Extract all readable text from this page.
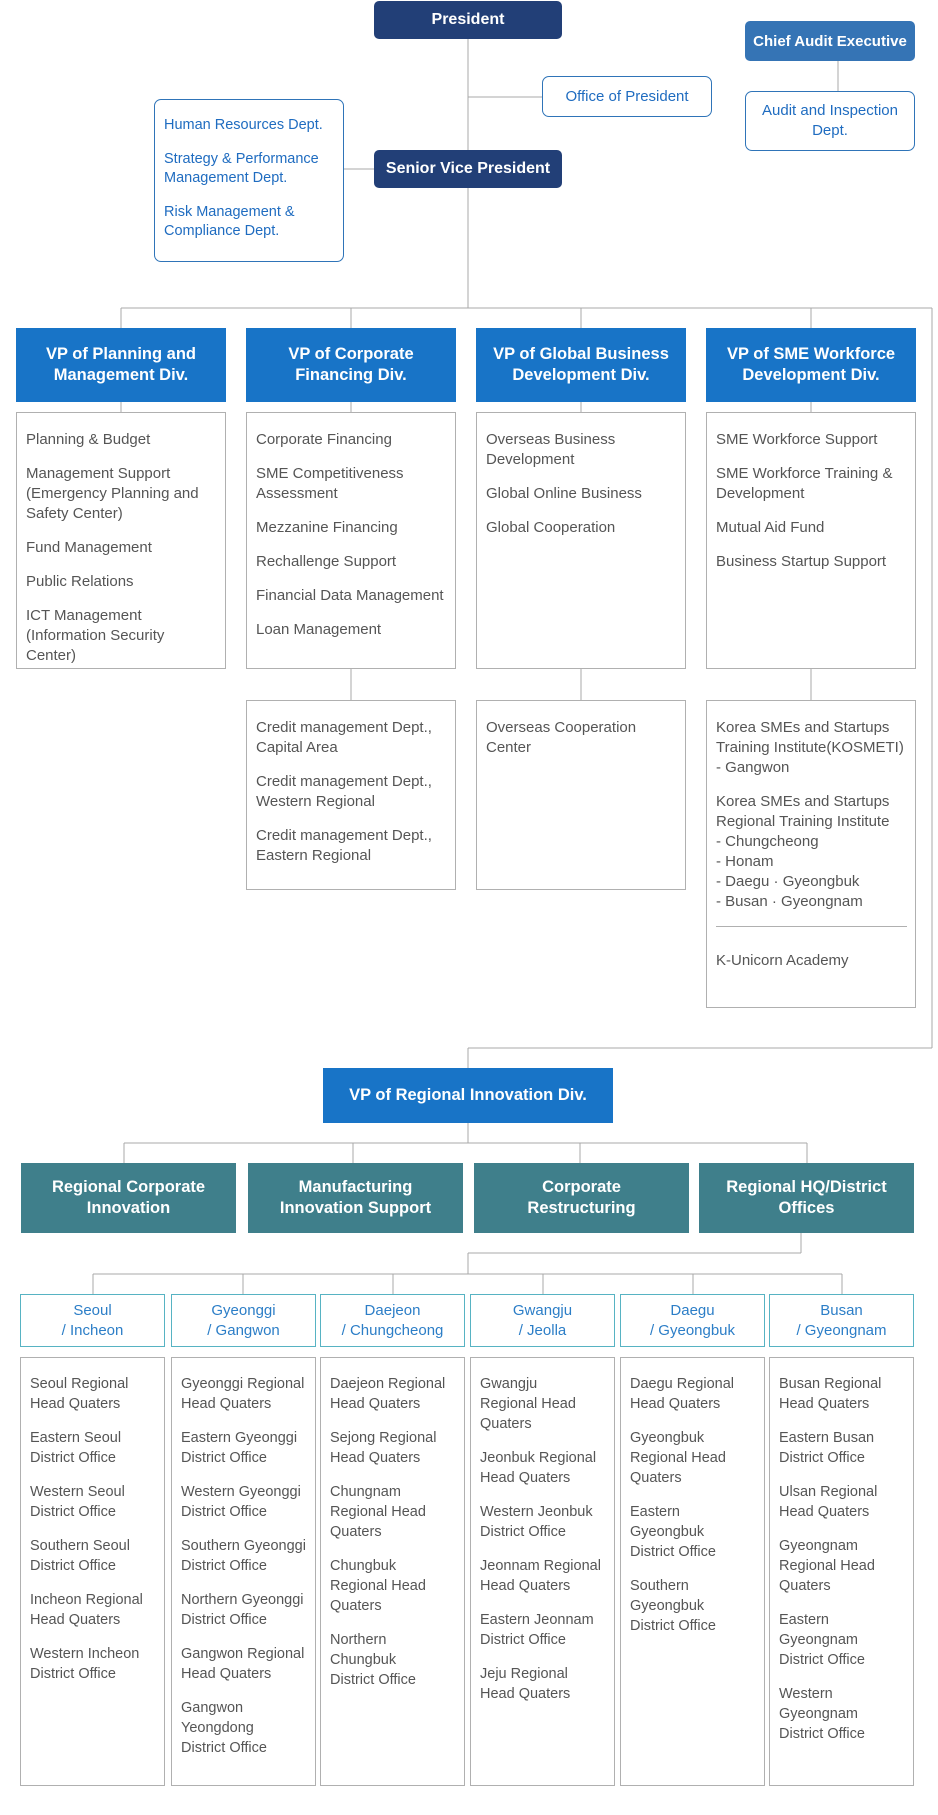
President
Chief Audit Executive
Office of President
Audit and Inspection
Dept.
Human Resources Dept.
Strategy & Performance
Management Dept.
Risk Management &
Compliance Dept.
Senior Vice President
VP of Planning and
Management Div.
VP of Corporate
Financing Div.
VP of Global Business
Development Div.
VP of SME Workforce
Development Div.
Planning & Budget
Management Support
(Emergency Planning and
Safety Center)
Fund Management
Public Relations
ICT Management
(Information Security Center)
Corporate Financing
SME Competitiveness
Assessment
Mezzanine Financing
Rechallenge Support
Financial Data Management
Loan Management
Overseas Business
Development
Global Online Business
Global Cooperation
SME Workforce Support
SME Workforce Training &
Development
Mutual Aid Fund
Business Startup Support
Credit management Dept.,
Capital Area
Credit management Dept.,
Western Regional
Credit management Dept.,
Eastern Regional
Overseas Cooperation
Center
Korea SMEs and Startups
Training Institute(KOSMETI)
- Gangwon
Korea SMEs and Startups
Regional Training Institute
- Chungcheong
- Honam
- Daegu · Gyeongbuk
- Busan · Gyeongnam
K-Unicorn Academy
VP of Regional Innovation Div.
Regional Corporate
Innovation
Manufacturing
Innovation Support
Corporate
Restructuring
Regional HQ/District
Offices
Seoul
/ Incheon
Gyeonggi
/ Gangwon
Daejeon
/ Chungcheong
Gwangju
/ Jeolla
Daegu
/ Gyeongbuk
Busan
/ Gyeongnam
Seoul Regional
Head Quaters
Eastern Seoul
District Office
Western Seoul
District Office
Southern Seoul
District Office
Incheon Regional
Head Quaters
Western Incheon
District Office
Gyeonggi Regional
Head Quaters
Eastern Gyeonggi
District Office
Western Gyeonggi
District Office
Southern Gyeonggi
District Office
Northern Gyeonggi
District Office
Gangwon Regional
Head Quaters
Gangwon
Yeongdong
District Office
Daejeon Regional
Head Quaters
Sejong Regional
Head Quaters
Chungnam
Regional Head
Quaters
Chungbuk
Regional Head
Quaters
Northern
Chungbuk
District Office
Gwangju
Regional Head
Quaters
Jeonbuk Regional
Head Quaters
Western Jeonbuk
District Office
Jeonnam Regional
Head Quaters
Eastern Jeonnam
District Office
Jeju Regional
Head Quaters
Daegu Regional
Head Quaters
Gyeongbuk
Regional Head
Quaters
Eastern
Gyeongbuk
District Office
Southern
Gyeongbuk
District Office
Busan Regional
Head Quaters
Eastern Busan
District Office
Ulsan Regional
Head Quaters
Gyeongnam
Regional Head
Quaters
Eastern
Gyeongnam
District Office
Western
Gyeongnam
District Office
